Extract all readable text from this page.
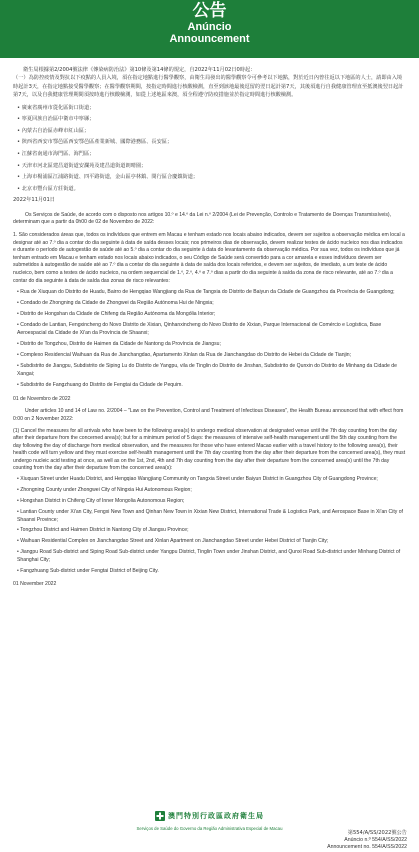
公告
Anúncio
Announcement

衛生局根據第2/2004號法律《傳染病防治法》第10條及第14條的規定，自2022年11月02日0時起：

（一）為防控疫情及對抗以下疫點的人員入境，須在指定地點進行醫學觀察，由衛生局發出的醫學觀察令可參考以下地點，對於近日內曾往返以下地區的人士，請即由入境時起計3天，在指定地點接受醫學觀察；在醫學觀察期間，按指定時間進行核酸檢測，直至到該地最後逗留的翌日起計第7天，其後須進行自我健康管理直至抵澳後翌日起計第7天，以及自我健康管理期間須按時進行核酸檢測，如從上述地區來澳，須全程遵守防疫措施並於指定時間進行核酸檢測。

• 廣東省廣州市從化區街口街道；

• 寧夏回族自治區中衛市中寧縣；

• 內蒙古自治區赤峰市紅山區；

• 陝西省西安市鄠邑區西安鄠邑區產業新城、國際港務區、長安區；

• 江蘇省南通市海門區、海門區；

• 天津市河北區建昌道街道安瀾苑及建昌道街道朗晴園；

• 上海市楊浦區江浦路街道、四平路街道，金山區亭林鎮、閔行區合慶鎮街道；

• 北京市豐台區方莊街道。

2022年11月01日

Os Serviços de Saúde, de acordo com o disposto nos artigos 10.º e 14.º da Lei n.º 2/2004 (Lei de Prevenção, Controlo e Tratamento de Doenças Transmissíveis), determinam que a partir da 0h00 de 02 de Novembro de 2022:

1. São considerados áreas que, todos os indivíduos que entrem em Macau e tenham estado nos locais abaixo indicados, devem ser sujeitos a observação médica em local a designar até ao 7.º dia a contar do dia seguinte à data de saída desses locais; nos primeiros dias de observação, devem realizar testes de ácido nucleico nos dias indicados e durante o período de autogestão de saúde até ao 5.º dia a contar do dia seguinte à data do levantamento da observação médica. Por sua vez, todos os indivíduos que já tenham entrado em Macau e tenham estado nos locais abaixo indicados, o seu Código de Saúde será convertido para a cor amarela e esses indivíduos devem ser submetidos à autogestão de saúde até ao 7.º dia a contar do dia seguinte à data de saída dos locais referidos, e devem ser sujeitos, de imediato, a um teste de ácido nucleico, bem como a testes de ácido nucleico, na ordem sequencial de 1.º, 2.º, 4.º e 7.º dias a partir do dia seguinte à saída da zona de risco relevante, até ao 7.º dia a contar do dia seguinte à data de saída das zonas de risco relevantes:

• Rua de Xiuquan do Distrito de Huadu, Bairro de Hengqiao Wangjiang da Rua de Tangxia do Distrito de Baiyun da Cidade de Guangzhou da Província de Guangdong;

• Condado de Zhongning da Cidade de Zhongwei da Região Autónoma Hui de Ningxia;

• Distrito de Hongshan da Cidade de Chifeng da Região Autónoma da Mongólia Interior;

• Condado de Lantian, Fengxincheng do Novo Distrito de Xixian, Qinhanxincheng do Novo Distrito de Xixian, Parque Internacional de Comércio e Logística, Base Aeroespacial da Cidade de Xi'an da Província de Shaanxi;

• Distrito de Tongzhou, Distrito de Haimen da Cidade de Nantong da Província de Jiangsu;

• Complexo Residencial Waihuan da Rua de Jianchangdao, Apartamento Xinlan da Rua de Jianchangdao do Distrito de Hebei da Cidade de Tianjin;

• Subdistrito de Jiangpu, Subdistrito de Siping Lu do Distrito de Yangpu, vila de Tinglin do Distrito de Jinshan, Subdistrito de Qunxin do Distrito de Minhang da Cidade de Xangai;

• Subdistrito de Fangzhuang do Distrito de Fengtai da Cidade de Pequim.

01 de Novembro de 2022

Under articles 10 and 14 of Law no. 2/2004 – "Law on the Prevention, Control and Treatment of Infectious Diseases", the Health Bureau announced that with effect from 0:00 on 2 November 2022:

(1) Cancel the measures for all arrivals who have been to the following area(s) to undergo medical observation at designated venue until the 7th day counting from the day after their departure from the concerned area(s); but for a minimum period of 5 days: the measures of intensive self-health management until the 5th day counting from the day following the day of discharge from medical observation, and the measures for those who have entered Macao earlier with a travel history to the following area(s), their health code will turn yellow and they must exercise self-health management until the 7th day counting from the day after their departure from the concerned area(s), they must undergo nucleic acid testing at once, as well as on the 1st, 2nd, 4th and 7th day counting from the day after their departure from the concerned area(s) until the 7th day counting from the day after their departure from the concerned area(s):

• Xiuquan Street under Huadu District, and Hengqiao Wangjiang Community on Tangxia Street under Baiyun District in Guangzhou City of Guangdong Province;

• Zhongning County under Zhongwei City of Ningxia Hui Autonomous Region;

• Hongshan District in Chifeng City of Inner Mongolia Autonomous Region;

• Lantian County under Xi'an City, Fengxi New Town and Qinhan New Town in Xixian New District, International Trade & Logistics Park, and Aerospace Base in Xi'an City of Shaanxi Province;

• Tongzhou District and Haimen District in Nantong City of Jiangsu Province;

• Waihuan Residential Complex on Jianchangdao Street and Xinlan Apartment on Jianchangdao Street under Hebei District of Tianjin City;

• Jiangpu Road Sub-district and Siping Road Sub-district under Yangpu District, Tinglin Town under Jinshan District, and Qunxi Road Sub-district under Minhang District of Shanghai City;

• Fangzhuang Sub-district under Fengtai District of Beijing City.

01 November 2022

澳門特別行政區政府衛生局
Serviços de Saúde do Governo da Região Administrativa Especial de Macau
第554/A/SS/2022號公告
Anúncio n.º 554/A/SS/2022
Announcement no. 554/A/SS/2022
